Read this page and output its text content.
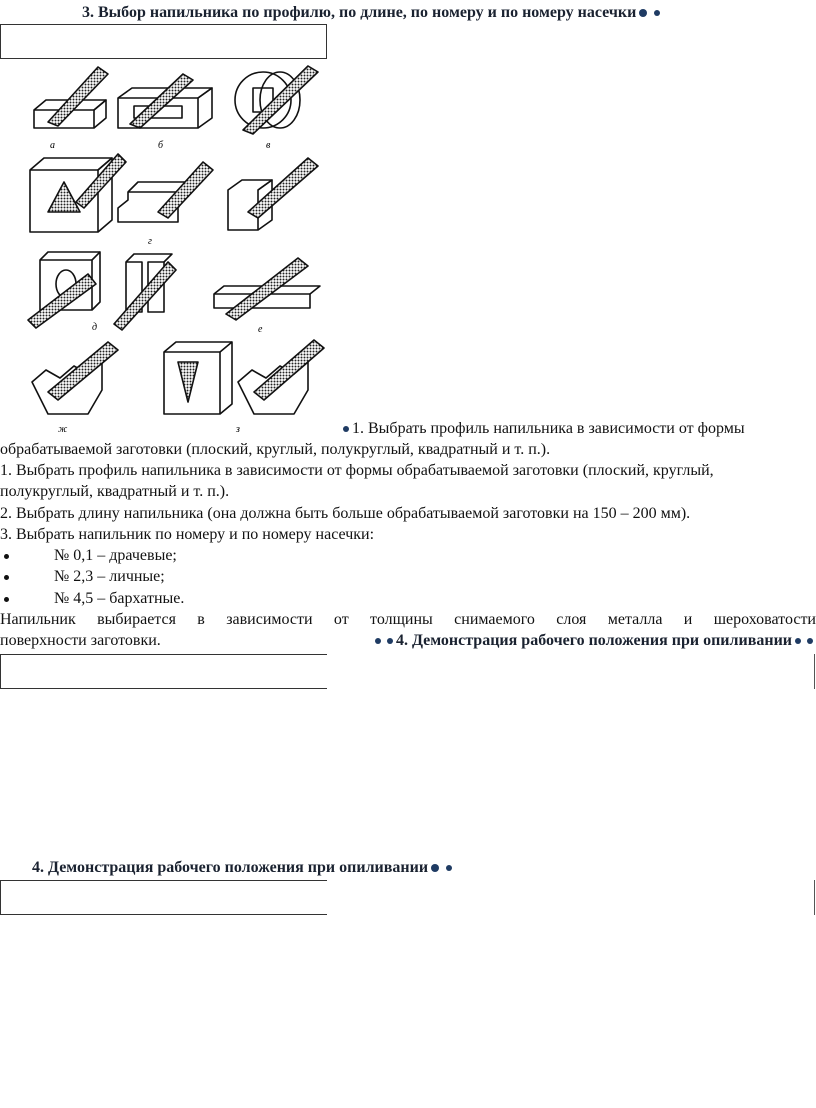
3. Выбор напильника по профилю, по длине, по номеру и по номеру насечки
а	б	в
г
д	е
ж	з	1. Выбрать профиль напильника в зависимости от формы
обрабатываемой заготовки (плоский, круглый, полукруглый, квадратный и т. п.).
1. Выбрать профиль напильника в зависимости от формы обрабатываемой заготовки (плоский, круглый,
полукруглый, квадратный и т. п.).
2. Выбрать длину напильника (она должна быть больше обрабатываемой заготовки на 150 – 200 мм).
3. Выбрать напильник по номеру и по номеру насечки:
№ 0,1 – драчевые;
№ 2,3 – личные;
№ 4,5 – бархатные.
Напильник выбирается в зависимости от толщины снимаемого слоя металла и шероховатости
поверхности заготовки.	4. Демонстрация рабочего положения при опиливании
4. Демонстрация рабочего положения при опиливании
